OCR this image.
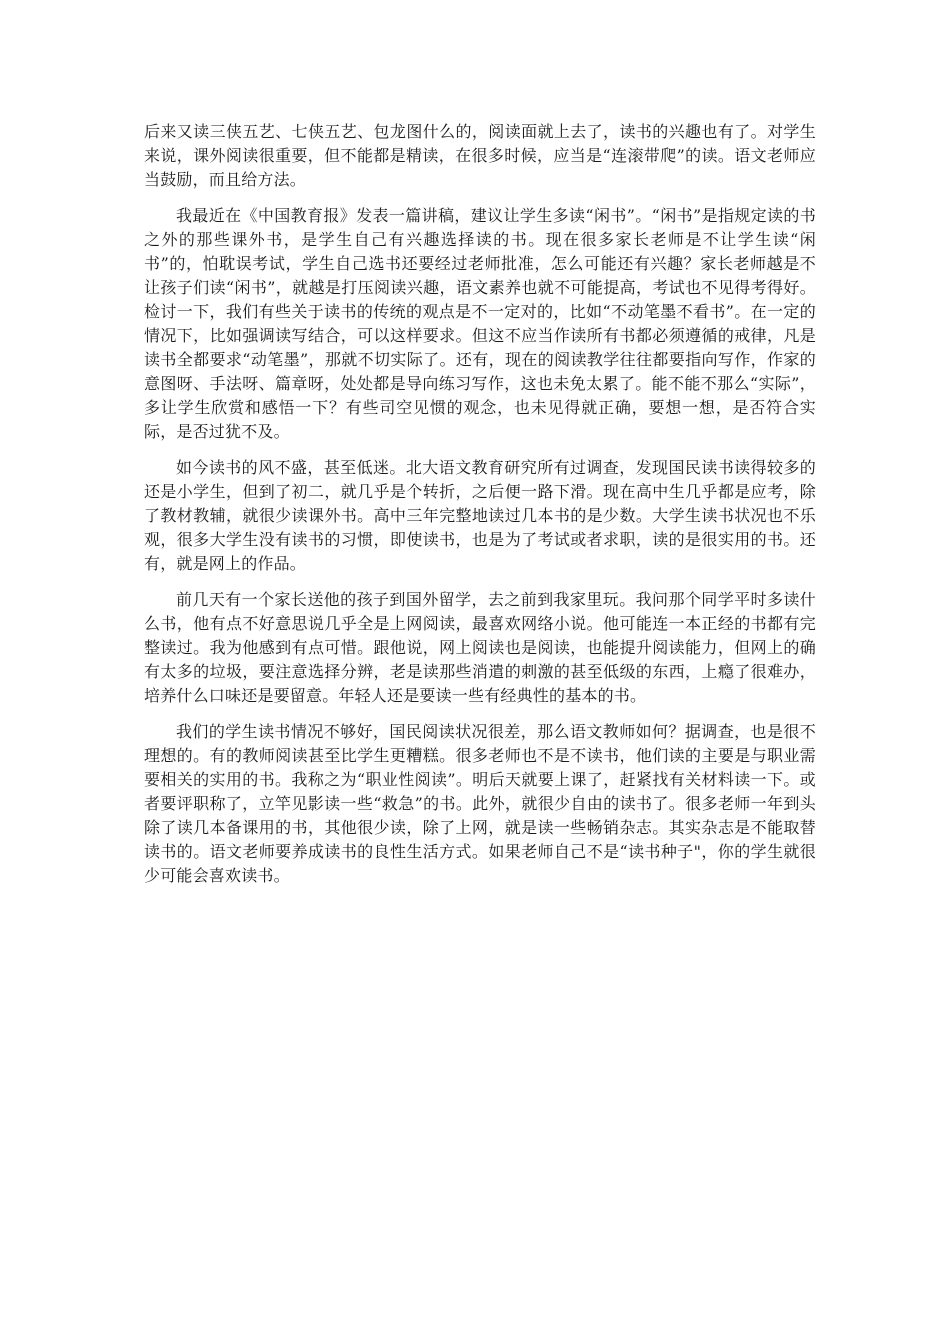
后来又读三侠五艺、七侠五艺、包龙图什么的，阅读面就上去了，读书的兴趣也有了。对学生来说，课外阅读很重要，但不能都是精读，在很多时候，应当是“连滚带爬”的读。语文老师应当鼓励，而且给方法。

我最近在《中国教育报》发表一篇讲稿，建议让学生多读“闲书”。“闲书”是指规定读的书之外的那些课外书，是学生自己有兴趣选择读的书。现在很多家长老师是不让学生读“闲书”的，怕耽误考试，学生自己选书还要经过老师批准，怎么可能还有兴趣？家长老师越是不让孩子们读“闲书”，就越是打压阅读兴趣，语文素养也就不可能提高，考试也不见得考得好。检讨一下，我们有些关于读书的传统的观点是不一定对的，比如“不动笔墨不看书”。在一定的情况下，比如强调读写结合，可以这样要求。但这不应当作读所有书都必须遵循的戒律，凡是读书全都要求“动笔墨”，那就不切实际了。还有，现在的阅读教学往往都要指向写作，作家的意图呀、手法呀、篇章呀，处处都是导向练习写作，这也未免太累了。能不能不那么“实际”，多让学生欣赏和感悟一下？有些司空见惯的观念，也未见得就正确，要想一想，是否符合实际，是否过犹不及。

如今读书的风不盛，甚至低迷。北大语文教育研究所有过调查，发现国民读书读得较多的还是小学生，但到了初二，就几乎是个转折，之后便一路下滑。现在高中生几乎都是应考，除了教材教辅，就很少读课外书。高中三年完整地读过几本书的是少数。大学生读书状况也不乐观，很多大学生没有读书的习惯，即使读书，也是为了考试或者求职，读的是很实用的书。还有，就是网上的作品。

前几天有一个家长送他的孩子到国外留学，去之前到我家里玩。我问那个同学平时多读什么书，他有点不好意思说几乎全是上网阅读，最喜欢网络小说。他可能连一本正经的书都有完整读过。我为他感到有点可惜。跟他说，网上阅读也是阅读，也能提升阅读能力，但网上的确有太多的垃圾，要注意选择分辨，老是读那些消遣的刺激的甚至低级的东西，上瘾了很难办，培养什么口味还是要留意。年轻人还是要读一些有经典性的基本的书。

我们的学生读书情况不够好，国民阅读状况很差，那么语文教师如何？据调查，也是很不理想的。有的教师阅读甚至比学生更糟糕。很多老师也不是不读书，他们读的主要是与职业需要相关的实用的书。我称之为“职业性阅读”。明后天就要上课了，赶紧找有关材料读一下。或者要评职称了，立竿见影读一些“救急”的书。此外，就很少自由的读书了。很多老师一年到头除了读几本备课用的书，其他很少读，除了上网，就是读一些畅销杂志。其实杂志是不能取替读书的。语文老师要养成读书的良性生活方式。如果老师自己不是“读书种子"，你的学生就很少可能会喜欢读书。
